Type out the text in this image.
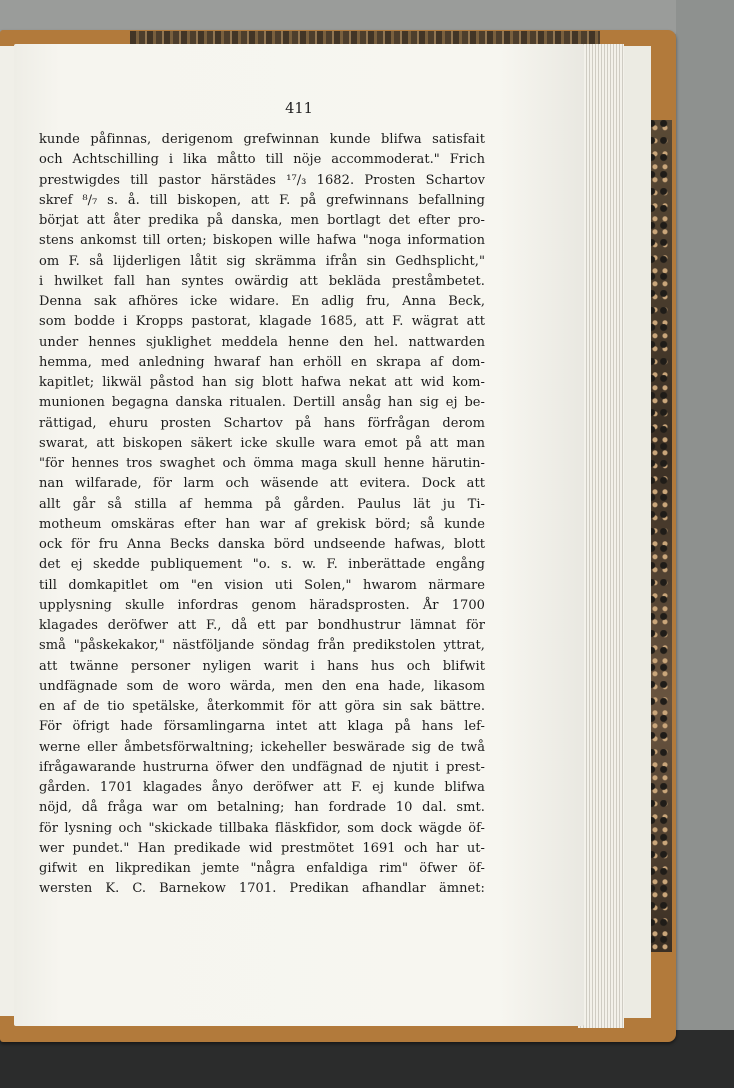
411
kunde påfinnas, derigenom grefwinnan kunde blifwa satisfait
och Achtschilling i lika måtto till nöje accommoderat." Frich
prestwigdes till pastor härstädes ¹⁷/₃ 1682. Prosten Schartov
skref ⁸/₇ s. å. till biskopen, att F. på grefwinnans befallning
börjat att åter predika på danska, men bortlagt det efter pro-
stens ankomst till orten; biskopen wille hafwa "noga information
om F. så lijderligen låtit sig skrämma ifrån sin Gedhsplicht,"
i hwilket fall han syntes owärdig att bekläda preståmbetet.
Denna sak afhöres icke widare. En adlig fru, Anna Beck,
som bodde i Kropps pastorat, klagade 1685, att F. wägrat att
under hennes sjuklighet meddela henne den hel. nattwarden
hemma, med anledning hwaraf han erhöll en skrapa af dom-
kapitlet; likwäl påstod han sig blott hafwa nekat att wid kom-
munionen begagna danska ritualen. Dertill ansåg han sig ej be-
rättigad, ehuru prosten Schartov på hans förfrågan derom
swarat, att biskopen säkert icke skulle wara emot på att man
"för hennes tros swaghet och ömma maga skull henne härutin-
nan wilfarade, för larm och wäsende att evitera. Dock att
allt går så stilla af hemma på gården. Paulus lät ju Ti-
motheum omskäras efter han war af grekisk börd; så kunde
ock för fru Anna Becks danska börd undseende hafwas, blott
det ej skedde publiquement "o. s. w. F. inberättade engång
till domkapitlet om "en vision uti Solen," hwarom närmare
upplysning skulle infordras genom häradsprosten. År 1700
klagades deröfwer att F., då ett par bondhustrur lämnat för
små "påskekakor," nästföljande söndag från predikstolen yttrat,
att twänne personer nyligen warit i hans hus och blifwit
undfägnade som de woro wärda, men den ena hade, likasom
en af de tio spetälske, återkommit för att göra sin sak bättre.
För öfrigt hade församlingarna intet att klaga på hans lef-
werne eller åmbetsförwaltning; ickeheller beswärade sig de twå
ifrågawarande hustrurna öfwer den undfägnad de njutit i prest-
gården. 1701 klagades ånyo deröfwer att F. ej kunde blifwa
nöjd, då fråga war om betalning; han fordrade 10 dal. smt.
för lysning och "skickade tillbaka fläskfidor, som dock wägde öf-
wer pundet." Han predikade wid prestmötet 1691 och har ut-
gifwit en likpredikan jemte "några enfaldiga rim" öfwer öf-
wersten K. C. Barnekow 1701. Predikan afhandlar ämnet:
